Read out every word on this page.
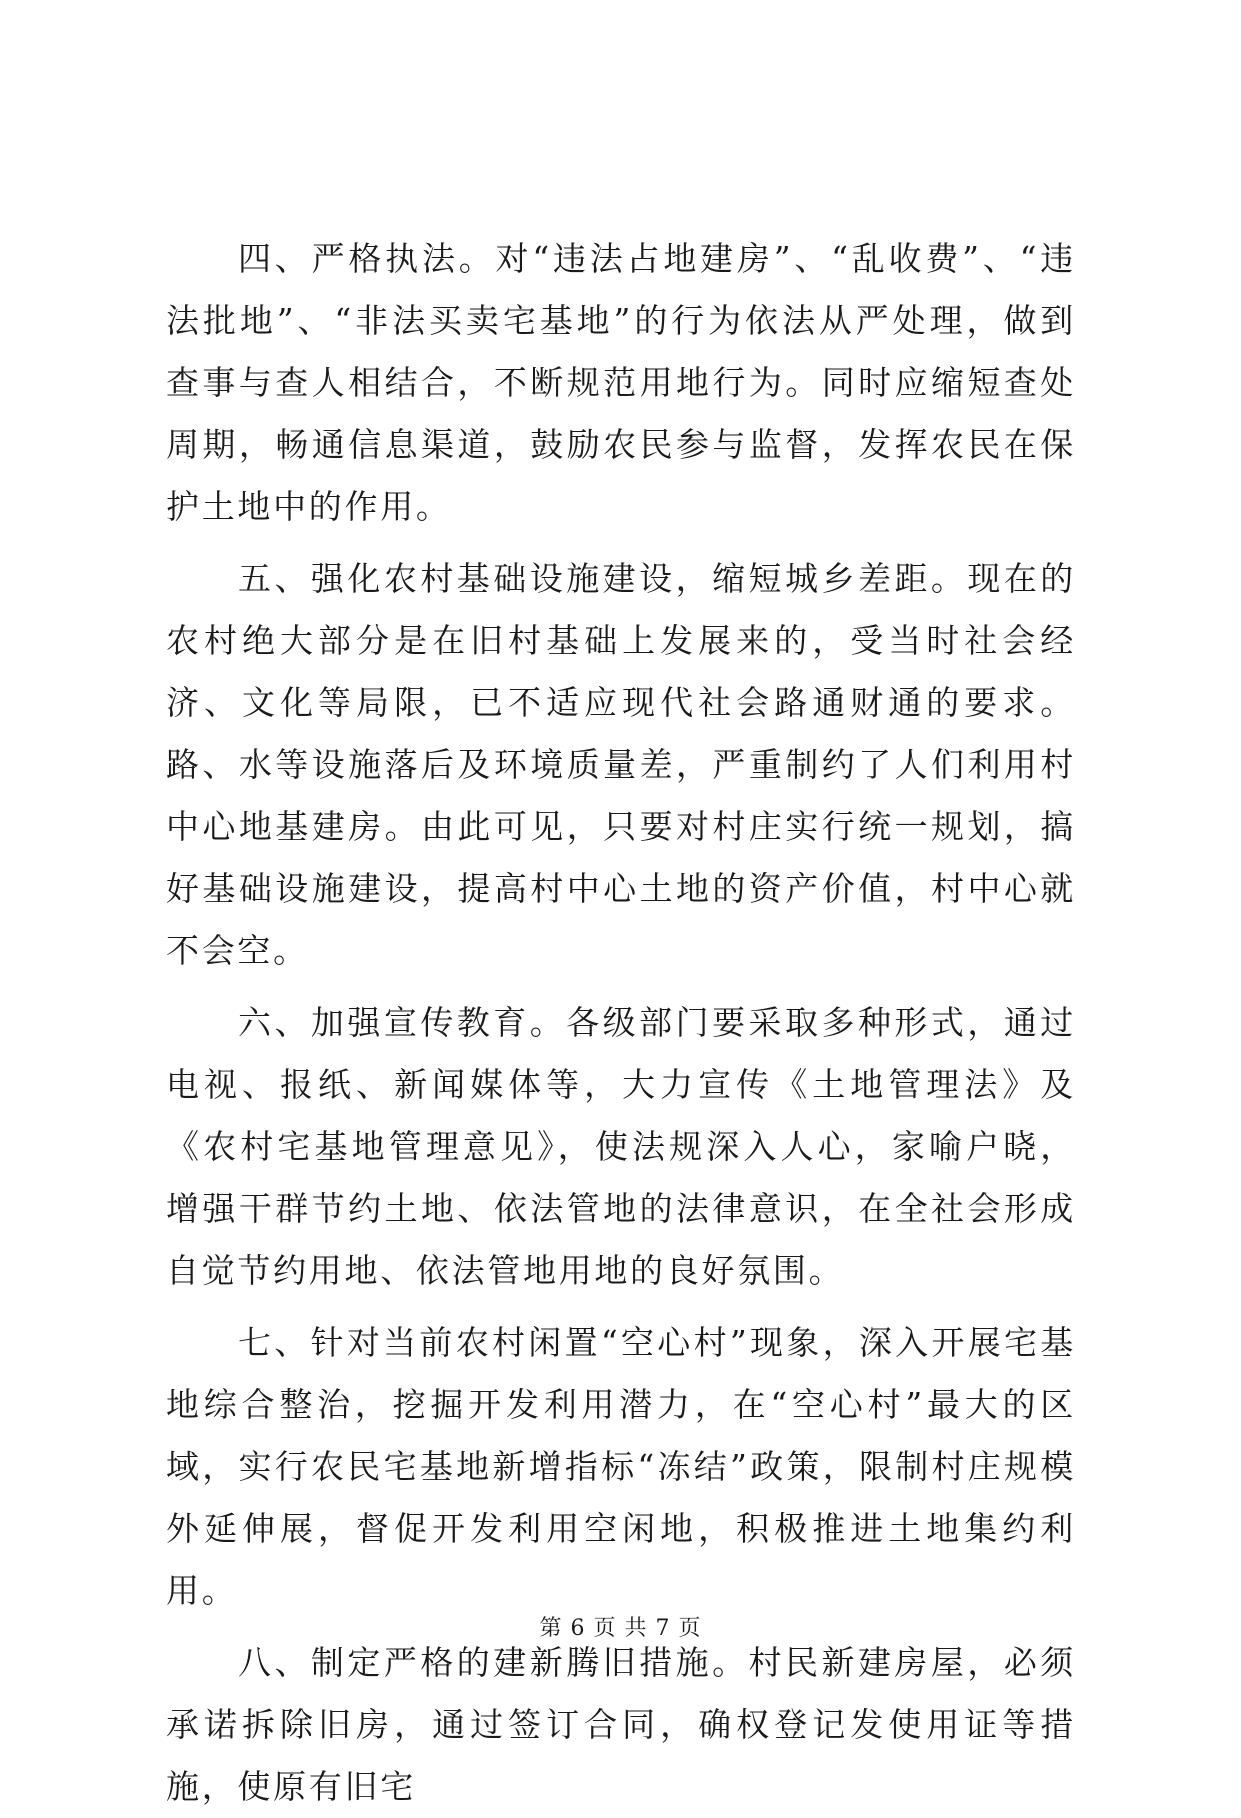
四、严格执法。对“违法占地建房”、“乱收费”、“违法批地”、“非法买卖宅基地”的行为依法从严处理，做到查事与查人相结合，不断规范用地行为。同时应缩短查处周期，畅通信息渠道，鼓励农民参与监督，发挥农民在保护土地中的作用。

五、强化农村基础设施建设，缩短城乡差距。现在的农村绝大部分是在旧村基础上发展来的，受当时社会经济、文化等局限，已不适应现代社会路通财通的要求。路、水等设施落后及环境质量差，严重制约了人们利用村中心地基建房。由此可见，只要对村庄实行统一规划，搞好基础设施建设，提高村中心土地的资产价值，村中心就不会空。

六、加强宣传教育。各级部门要采取多种形式，通过电视、报纸、新闻媒体等，大力宣传《土地管理法》及《农村宅基地管理意见》，使法规深入人心，家喻户晓，增强干群节约土地、依法管地的法律意识，在全社会形成自觉节约用地、依法管地用地的良好氛围。

七、针对当前农村闲置“空心村”现象，深入开展宅基地综合整治，挖掘开发利用潜力，在“空心村”最大的区域，实行农民宅基地新增指标“冻结”政策，限制村庄规模外延伸展，督促开发利用空闲地，积极推进土地集约利用。

八、制定严格的建新腾旧措施。村民新建房屋，必须承诺拆除旧房，通过签订合同，确权登记发使用证等措施，使原有旧宅

第 6 页 共 7 页
